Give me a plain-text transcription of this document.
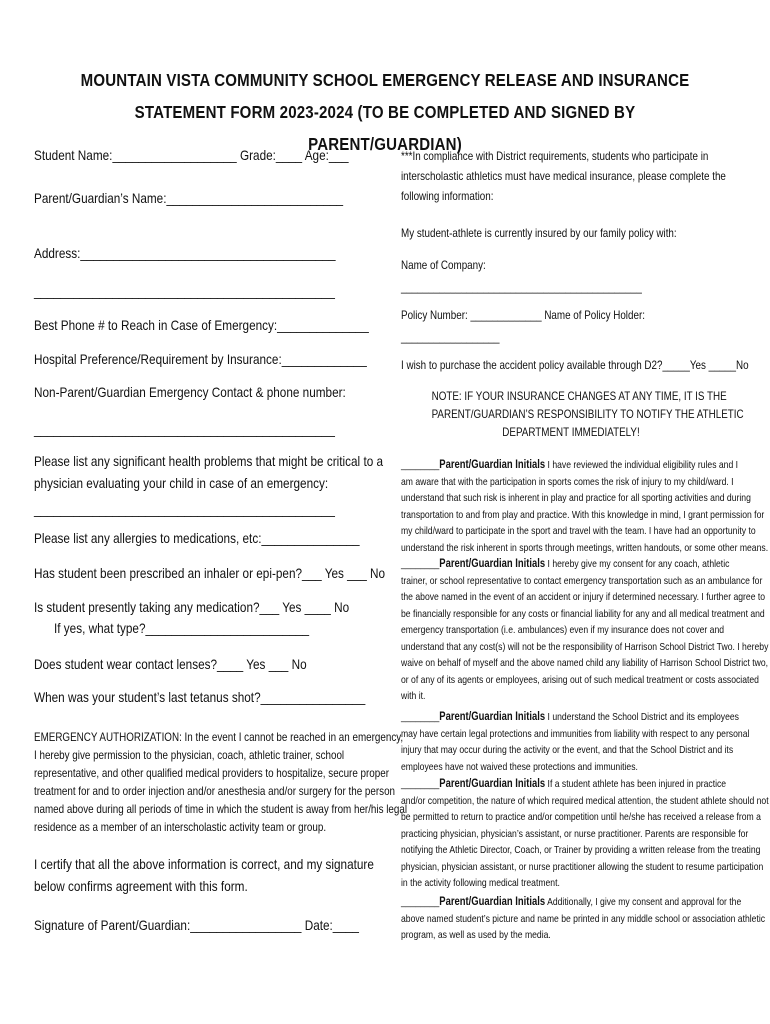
MOUNTAIN VISTA COMMUNITY SCHOOL EMERGENCY RELEASE AND INSURANCE
STATEMENT FORM 2023-2024 (TO BE COMPLETED AND SIGNED BY PARENT/GUARDIAN)
Student Name:___________________ Grade:____ Age:___
Parent/Guardian’s Name:___________________________
Address:_______________________________________
______________________________________________
Best Phone # to Reach in Case of Emergency:______________
Hospital Preference/Requirement by Insurance:_____________
Non-Parent/Guardian Emergency Contact & phone number:
______________________________________________
Please list any significant health problems that might be critical to a
physician evaluating your child in case of an emergency:
______________________________________________
Please list any allergies to medications, etc:_______________
Has student been prescribed an inhaler or epi-pen?___ Yes ___ No
Is student presently taking any medication?___ Yes ____ No
If yes, what type?_________________________
Does student wear contact lenses?____ Yes ___ No
When was your student’s last tetanus shot?________________
EMERGENCY AUTHORIZATION: In the event I cannot be reached in an emergency,
I hereby give permission to the physician, coach, athletic trainer, school
representative, and other qualified medical providers to hospitalize, secure proper
treatment for and to order injection and/or anesthesia and/or surgery for the person
named above during all periods of time in which the student is away from her/his legal
residence as a member of an interscholastic activity team or group.
I certify that all the above information is correct, and my signature
below confirms agreement with this form.
Signature of Parent/Guardian:_________________ Date:____
***In compliance with District requirements, students who participate in
interscholastic athletics must have medical insurance, please complete the
following information:
My student-athlete is currently insured by our family policy with:
Name of Company:
____________________________________________
Policy Number: _____________ Name of Policy Holder:
__________________
I wish to purchase the accident policy available through D2?_____Yes _____No
NOTE: IF YOUR INSURANCE CHANGES AT ANY TIME, IT IS THE
PARENT/GUARDIAN’S RESPONSIBILITY TO NOTIFY THE ATHLETIC
DEPARTMENT IMMEDIATELY!
________Parent/Guardian Initials I have reviewed the individual eligibility rules and I
am aware that with the participation in sports comes the risk of injury to my child/ward. I
understand that such risk is inherent in play and practice for all sporting activities and during
transportation to and from play and practice. With this knowledge in mind, I grant permission for
my child/ward to participate in the sport and travel with the team. I have had an opportunity to
understand the risk inherent in sports through meetings, written handouts, or some other means.
________Parent/Guardian Initials I hereby give my consent for any coach, athletic
trainer, or school representative to contact emergency transportation such as an ambulance for
the above named in the event of an accident or injury if determined necessary. I further agree to
be financially responsible for any costs or financial liability for any and all medical treatment and
emergency transportation (i.e. ambulances) even if my insurance does not cover and
understand that any cost(s) will not be the responsibility of Harrison School District Two. I hereby
waive on behalf of myself and the above named child any liability of Harrison School District two,
or of any of its agents or employees, arising out of such medical treatment or costs associated
with it.
________Parent/Guardian Initials I understand the School District and its employees
may have certain legal protections and immunities from liability with respect to any personal
injury that may occur during the activity or the event, and that the School District and its
employees have not waived these protections and immunities.
________Parent/Guardian Initials If a student athlete has been injured in practice
and/or competition, the nature of which required medical attention, the student athlete should not
be permitted to return to practice and/or competition until he/she has received a release from a
practicing physician, physician’s assistant, or nurse practitioner. Parents are responsible for
notifying the Athletic Director, Coach, or Trainer by providing a written release from the treating
physician, physician assistant, or nurse practitioner allowing the student to resume participation
in the activity following medical treatment.
________Parent/Guardian Initials Additionally, I give my consent and approval for the
above named student’s picture and name be printed in any middle school or association athletic
program, as well as used by the media.
